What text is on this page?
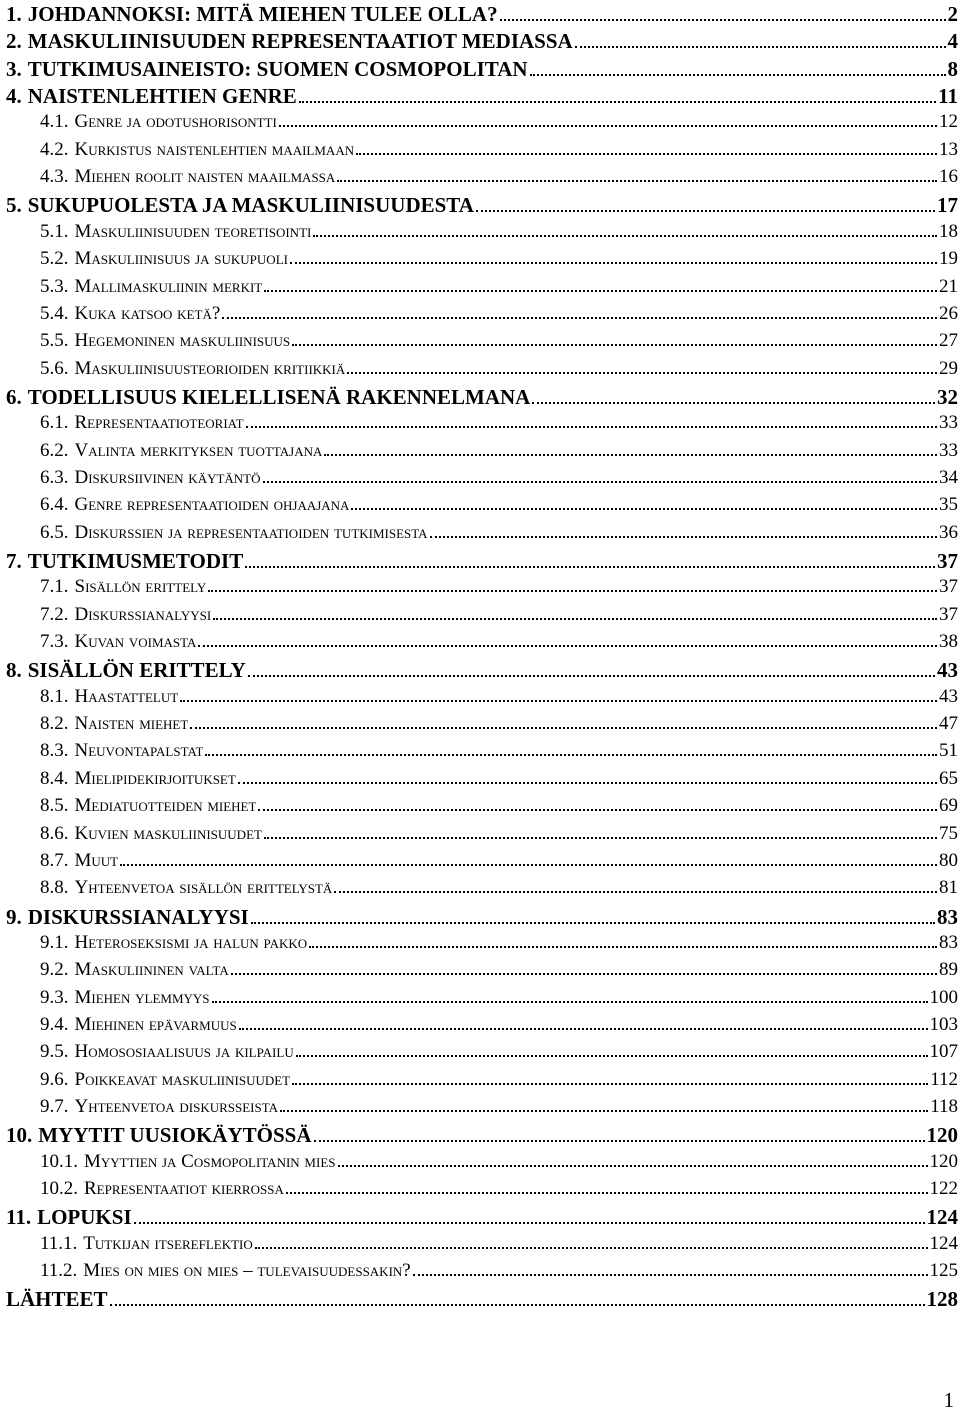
1. JOHDANNOKSI: MITÄ MIEHEN TULEE OLLA?	2
2. MASKULIINISUUDEN REPRESENTAATIOT MEDIASSA	4
3. TUTKIMUSAINEISTO: SUOMEN COSMOPOLITAN	8
4. NAISTENLEHTIEN GENRE	11
4.1. Genre ja odotushorisontti	12
4.2. Kurkistus naistenlehtien maailmaan	13
4.3. Miehen roolit naisten maailmassa	16
5. SUKUPUOLESTA JA MASKULIINISUUDESTA	17
5.1. Maskuliinisuuden teoretisointi	18
5.2. Maskuliinisuus ja sukupuoli	19
5.3. Mallimaskuliinin merkit	21
5.4. Kuka katsoo ketä?	26
5.5. Hegemoninen maskuliinisuus	27
5.6. Maskuliinisuusteorioiden kritiikkiä	29
6. TODELLISUUS KIELELLISENÄ RAKENNELMANA	32
6.1. Representaatioteoriat	33
6.2. Valinta merkityksen tuottajana	33
6.3. Diskursiivinen käytäntö	34
6.4. Genre representaatioiden ohjaajana	35
6.5. Diskurssien ja representaatioiden tutkimisesta	36
7. TUTKIMUSMETODIT	37
7.1. Sisällön erittely	37
7.2. Diskurssianalyysi	37
7.3. Kuvan voimasta	38
8. SISÄLLÖN ERITTELY	43
8.1. Haastattelut	43
8.2. Naisten miehet	47
8.3. Neuvontapalstat	51
8.4. Mielipidekirjoitukset	65
8.5. Mediatuotteiden miehet	69
8.6. Kuvien maskuliinisuudet	75
8.7. Muut	80
8.8. Yhteenvetoa sisällön erittelystä	81
9. DISKURSSIANALYYSI	83
9.1. Heteroseksismi ja halun pakko	83
9.2. Maskuliininen valta	89
9.3. Miehen ylemmyys	100
9.4. Miehinen epävarmuus	103
9.5. Homososiaalisuus ja kilpailu	107
9.6. Poikkeavat maskuliinisuudet	112
9.7. Yhteenvetoa diskursseista	118
10. MYYTIT UUSIOKÄYTÖSSÄ	120
10.1. Myyttien ja Cosmopolitanin mies	120
10.2. Representaatiot kierrossa	122
11. LOPUKSI	124
11.1. Tutkijan itsereflektio	124
11.2. Mies on mies on mies – tulevaisuudessakin?	125
LÄHTEET	128
1
